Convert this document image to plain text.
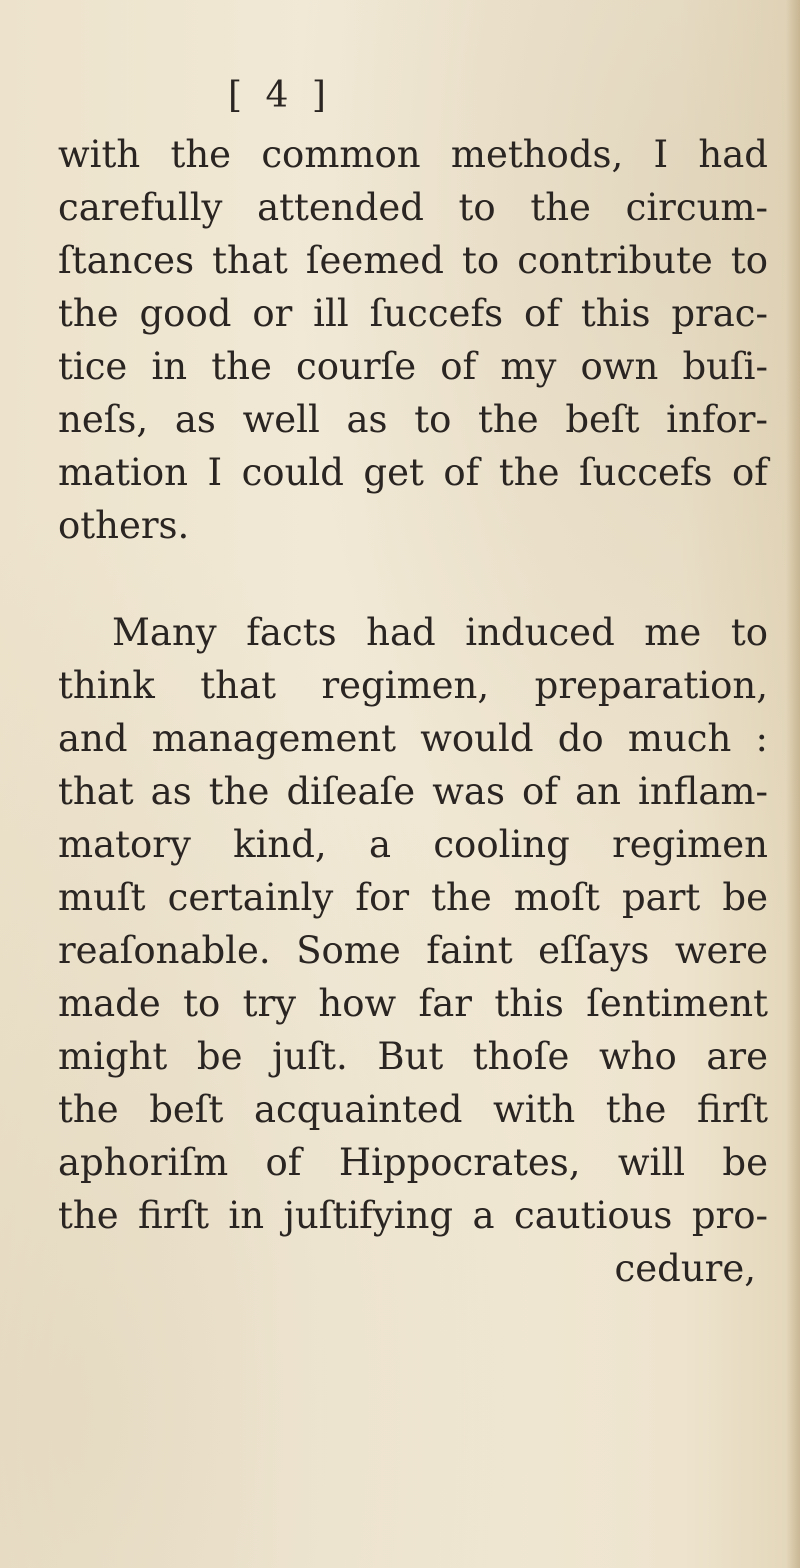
[ 4 ]
with the common methods, I had
carefully attended to the circum-
ſtances that ſeemed to contribute to
the good or ill ſuccefs of this prac-
tice in the courſe of my own buſi-
neſs, as well as to the beſt infor-
mation I could get of the ſuccefs of
others.
Many facts had induced me to
think that regimen, preparation,
and management would do much :
that as the diſeaſe was of an inflam-
matory kind, a cooling regimen
muſt certainly for the moſt part be
reaſonable. Some faint eſſays were
made to try how far this ſentiment
might be juſt. But thoſe who are
the beſt acquainted with the firſt
aphoriſm of Hippocrates, will be
the firſt in juſtifying a cautious pro-
cedure,
